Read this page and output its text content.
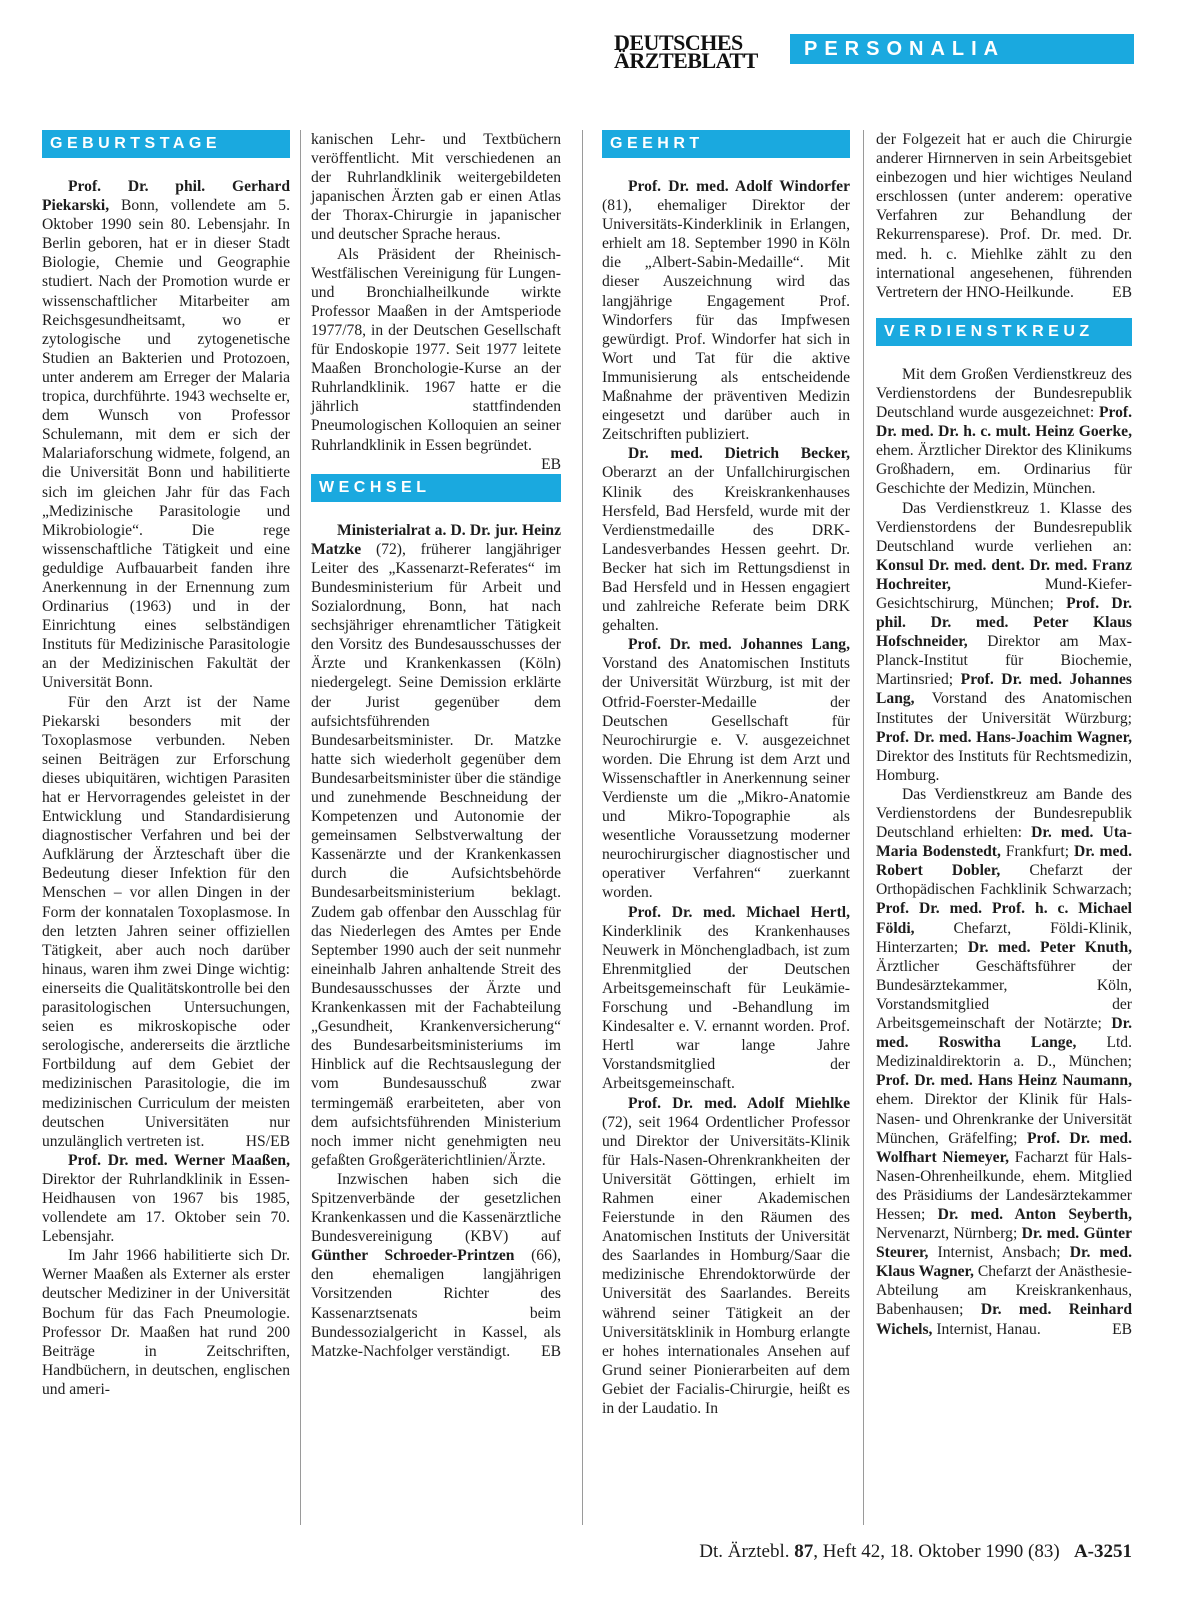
DEUTSCHES
ÄRZTEBLATT	PERSONALIA
GEBURTSTAGE

Prof. Dr. phil. Gerhard Piekarski, Bonn, vollendete am 5. Oktober 1990 sein 80. Lebensjahr. In Berlin geboren, hat er in dieser Stadt Biologie, Chemie und Geographie studiert. Nach der Promotion wurde er wissenschaftlicher Mitarbeiter am Reichsgesundheitsamt, wo er zytologische und zytogenetische Studien an Bakterien und Protozoen, unter anderem am Erreger der Malaria tropica, durchführte. 1943 wechselte er, dem Wunsch von Professor Schulemann, mit dem er sich der Malariaforschung widmete, folgend, an die Universität Bonn und habilitierte sich im gleichen Jahr für das Fach „Medizinische Parasitologie und Mikrobiologie“. Die rege wissenschaftliche Tätigkeit und eine geduldige Aufbauarbeit fanden ihre Anerkennung in der Ernennung zum Ordinarius (1963) und in der Einrichtung eines selbständigen Instituts für Medizinische Parasitologie an der Medizinischen Fakultät der Universität Bonn.

Für den Arzt ist der Name Piekarski besonders mit der Toxoplasmose verbunden. Neben seinen Beiträgen zur Erforschung dieses ubiquitären, wichtigen Parasiten hat er Hervorragendes geleistet in der Entwicklung und Standardisierung diagnostischer Verfahren und bei der Aufklärung der Ärzteschaft über die Bedeutung dieser Infektion für den Menschen – vor allen Dingen in der Form der konnatalen Toxoplasmose. In den letzten Jahren seiner offiziellen Tätigkeit, aber auch noch darüber hinaus, waren ihm zwei Dinge wichtig: einerseits die Qualitätskontrolle bei den parasitologischen Untersuchungen, seien es mikroskopische oder serologische, andererseits die ärztliche Fortbildung auf dem Gebiet der medizinischen Parasitologie, die im medizinischen Curriculum der meisten deutschen Universitäten nur unzulänglich vertreten ist.	HS/EB

Prof. Dr. med. Werner Maaßen, Direktor der Ruhrlandklinik in Essen-Heidhausen von 1967 bis 1985, vollendete am 17. Oktober sein 70. Lebensjahr.

Im Jahr 1966 habilitierte sich Dr. Werner Maaßen als Externer als erster deutscher Mediziner in der Universität Bochum für das Fach Pneumologie. Professor Dr. Maaßen hat rund 200 Beiträge in Zeitschriften, Handbüchern, in deutschen, englischen und ameri-

kanischen Lehr- und Textbüchern veröffentlicht. Mit verschiedenen an der Ruhrlandklinik weitergebildeten japanischen Ärzten gab er einen Atlas der Thorax-Chirurgie in japanischer und deutscher Sprache heraus.

Als Präsident der Rheinisch-Westfälischen Vereinigung für Lungen- und Bronchialheilkunde wirkte Professor Maaßen in der Amtsperiode 1977/78, in der Deutschen Gesellschaft für Endoskopie 1977. Seit 1977 leitete Maaßen Bronchologie-Kurse an der Ruhrlandklinik. 1967 hatte er die jährlich stattfindenden Pneumologischen Kolloquien an seiner Ruhrlandklinik in Essen begründet.
EB

WECHSEL

Ministerialrat a. D. Dr. jur. Heinz Matzke (72), früherer langjähriger Leiter des „Kassenarzt-Referates“ im Bundesministerium für Arbeit und Sozialordnung, Bonn, hat nach sechsjähriger ehrenamtlicher Tätigkeit den Vorsitz des Bundesausschusses der Ärzte und Krankenkassen (Köln) niedergelegt. Seine Demission erklärte der Jurist gegenüber dem aufsichtsführenden Bundesarbeitsminister. Dr. Matzke hatte sich wiederholt gegenüber dem Bundesarbeitsminister über die ständige und zunehmende Beschneidung der Kompetenzen und Autonomie der gemeinsamen Selbstverwaltung der Kassenärzte und der Krankenkassen durch die Aufsichtsbehörde Bundesarbeitsministerium beklagt. Zudem gab offenbar den Ausschlag für das Niederlegen des Amtes per Ende September 1990 auch der seit nunmehr eineinhalb Jahren anhaltende Streit des Bundesausschusses der Ärzte und Krankenkassen mit der Fachabteilung „Gesundheit, Krankenversicherung“ des Bundesarbeitsministeriums im Hinblick auf die Rechtsauslegung der vom Bundesausschuß zwar termingemäß erarbeiteten, aber von dem aufsichtsführenden Ministerium noch immer nicht genehmigten neu gefaßten Großgeräterichtlinien/Ärzte.

Inzwischen haben sich die Spitzenverbände der gesetzlichen Krankenkassen und die Kassenärztliche Bundesvereinigung (KBV) auf Günther Schroeder-Printzen (66), den ehemaligen langjährigen Vorsitzenden Richter des Kassenarztsenats beim Bundessozialgericht in Kassel, als Matzke-Nachfolger verständigt.	EB

GEEHRT

Prof. Dr. med. Adolf Windorfer (81), ehemaliger Direktor der Universitäts-Kinderklinik in Erlangen, erhielt am 18. September 1990 in Köln die „Albert-Sabin-Medaille“. Mit dieser Auszeichnung wird das langjährige Engagement Prof. Windorfers für das Impfwesen gewürdigt. Prof. Windorfer hat sich in Wort und Tat für die aktive Immunisierung als entscheidende Maßnahme der präventiven Medizin eingesetzt und darüber auch in Zeitschriften publiziert.

Dr. med. Dietrich Becker, Oberarzt an der Unfallchirurgischen Klinik des Kreiskrankenhauses Hersfeld, Bad Hersfeld, wurde mit der Verdienstmedaille des DRK-Landesverbandes Hessen geehrt. Dr. Becker hat sich im Rettungsdienst in Bad Hersfeld und in Hessen engagiert und zahlreiche Referate beim DRK gehalten.

Prof. Dr. med. Johannes Lang, Vorstand des Anatomischen Instituts der Universität Würzburg, ist mit der Otfrid-Foerster-Medaille der Deutschen Gesellschaft für Neurochirurgie e. V. ausgezeichnet worden. Die Ehrung ist dem Arzt und Wissenschaftler in Anerkennung seiner Verdienste um die „Mikro-Anatomie und Mikro-Topographie als wesentliche Voraussetzung moderner neurochirurgischer diagnostischer und operativer Verfahren“ zuerkannt worden.

Prof. Dr. med. Michael Hertl, Kinderklinik des Krankenhauses Neuwerk in Mönchengladbach, ist zum Ehrenmitglied der Deutschen Arbeitsgemeinschaft für Leukämie-Forschung und -Behandlung im Kindesalter e. V. ernannt worden. Prof. Hertl war lange Jahre Vorstandsmitglied der Arbeitsgemeinschaft.

Prof. Dr. med. Adolf Miehlke (72), seit 1964 Ordentlicher Professor und Direktor der Universitäts-Klinik für Hals-Nasen-Ohrenkrankheiten der Universität Göttingen, erhielt im Rahmen einer Akademischen Feierstunde in den Räumen des Anatomischen Instituts der Universität des Saarlandes in Homburg/Saar die medizinische Ehrendoktorwürde der Universität des Saarlandes. Bereits während seiner Tätigkeit an der Universitätsklinik in Homburg erlangte er hohes internationales Ansehen auf Grund seiner Pionierarbeiten auf dem Gebiet der Facialis-Chirurgie, heißt es in der Laudatio. In

der Folgezeit hat er auch die Chirurgie anderer Hirnnerven in sein Arbeitsgebiet einbezogen und hier wichtiges Neuland erschlossen (unter anderem: operative Verfahren zur Behandlung der Rekurrensparese). Prof. Dr. med. Dr. med. h. c. Miehlke zählt zu den international angesehenen, führenden Vertretern der HNO-Heilkunde. EB

VERDIENSTKREUZ

Mit dem Großen Verdienstkreuz des Verdienstordens der Bundesrepublik Deutschland wurde ausgezeichnet: Prof. Dr. med. Dr. h. c. mult. Heinz Goerke, ehem. Ärztlicher Direktor des Klinikums Großhadern, em. Ordinarius für Geschichte der Medizin, München.

Das Verdienstkreuz 1. Klasse des Verdienstordens der Bundesrepublik Deutschland wurde verliehen an: Konsul Dr. med. dent. Dr. med. Franz Hochreiter, Mund-Kiefer-Gesichtschirurg, München; Prof. Dr. phil. Dr. med. Peter Klaus Hofschneider, Direktor am Max-Planck-Institut für Biochemie, Martinsried; Prof. Dr. med. Johannes Lang, Vorstand des Anatomischen Institutes der Universität Würzburg; Prof. Dr. med. Hans-Joachim Wagner, Direktor des Instituts für Rechtsmedizin, Homburg.

Das Verdienstkreuz am Bande des Verdienstordens der Bundesrepublik Deutschland erhielten: Dr. med. Uta-Maria Bodenstedt, Frankfurt; Dr. med. Robert Dobler, Chefarzt der Orthopädischen Fachklinik Schwarzach; Prof. Dr. med. Prof. h. c. Michael Földi, Chefarzt, Földi-Klinik, Hinterzarten; Dr. med. Peter Knuth, Ärztlicher Geschäftsführer der Bundesärztekammer, Köln, Vorstandsmitglied der Arbeitsgemeinschaft der Notärzte; Dr. med. Roswitha Lange, Ltd. Medizinaldirektorin a. D., München; Prof. Dr. med. Hans Heinz Naumann, ehem. Direktor der Klinik für Hals-Nasen- und Ohrenkranke der Universität München, Gräfelfing; Prof. Dr. med. Wolfhart Niemeyer, Facharzt für Hals-Nasen-Ohrenheilkunde, ehem. Mitglied des Präsidiums der Landesärztekammer Hessen; Dr. med. Anton Seyberth, Nervenarzt, Nürnberg; Dr. med. Günter Steurer, Internist, Ansbach; Dr. med. Klaus Wagner, Chefarzt der Anästhesie-Abteilung am Kreiskrankenhaus, Babenhausen; Dr. med. Reinhard Wichels, Internist, Hanau.	EB

Dt. Ärztebl. 87, Heft 42, 18. Oktober 1990 (83)   A-3251
